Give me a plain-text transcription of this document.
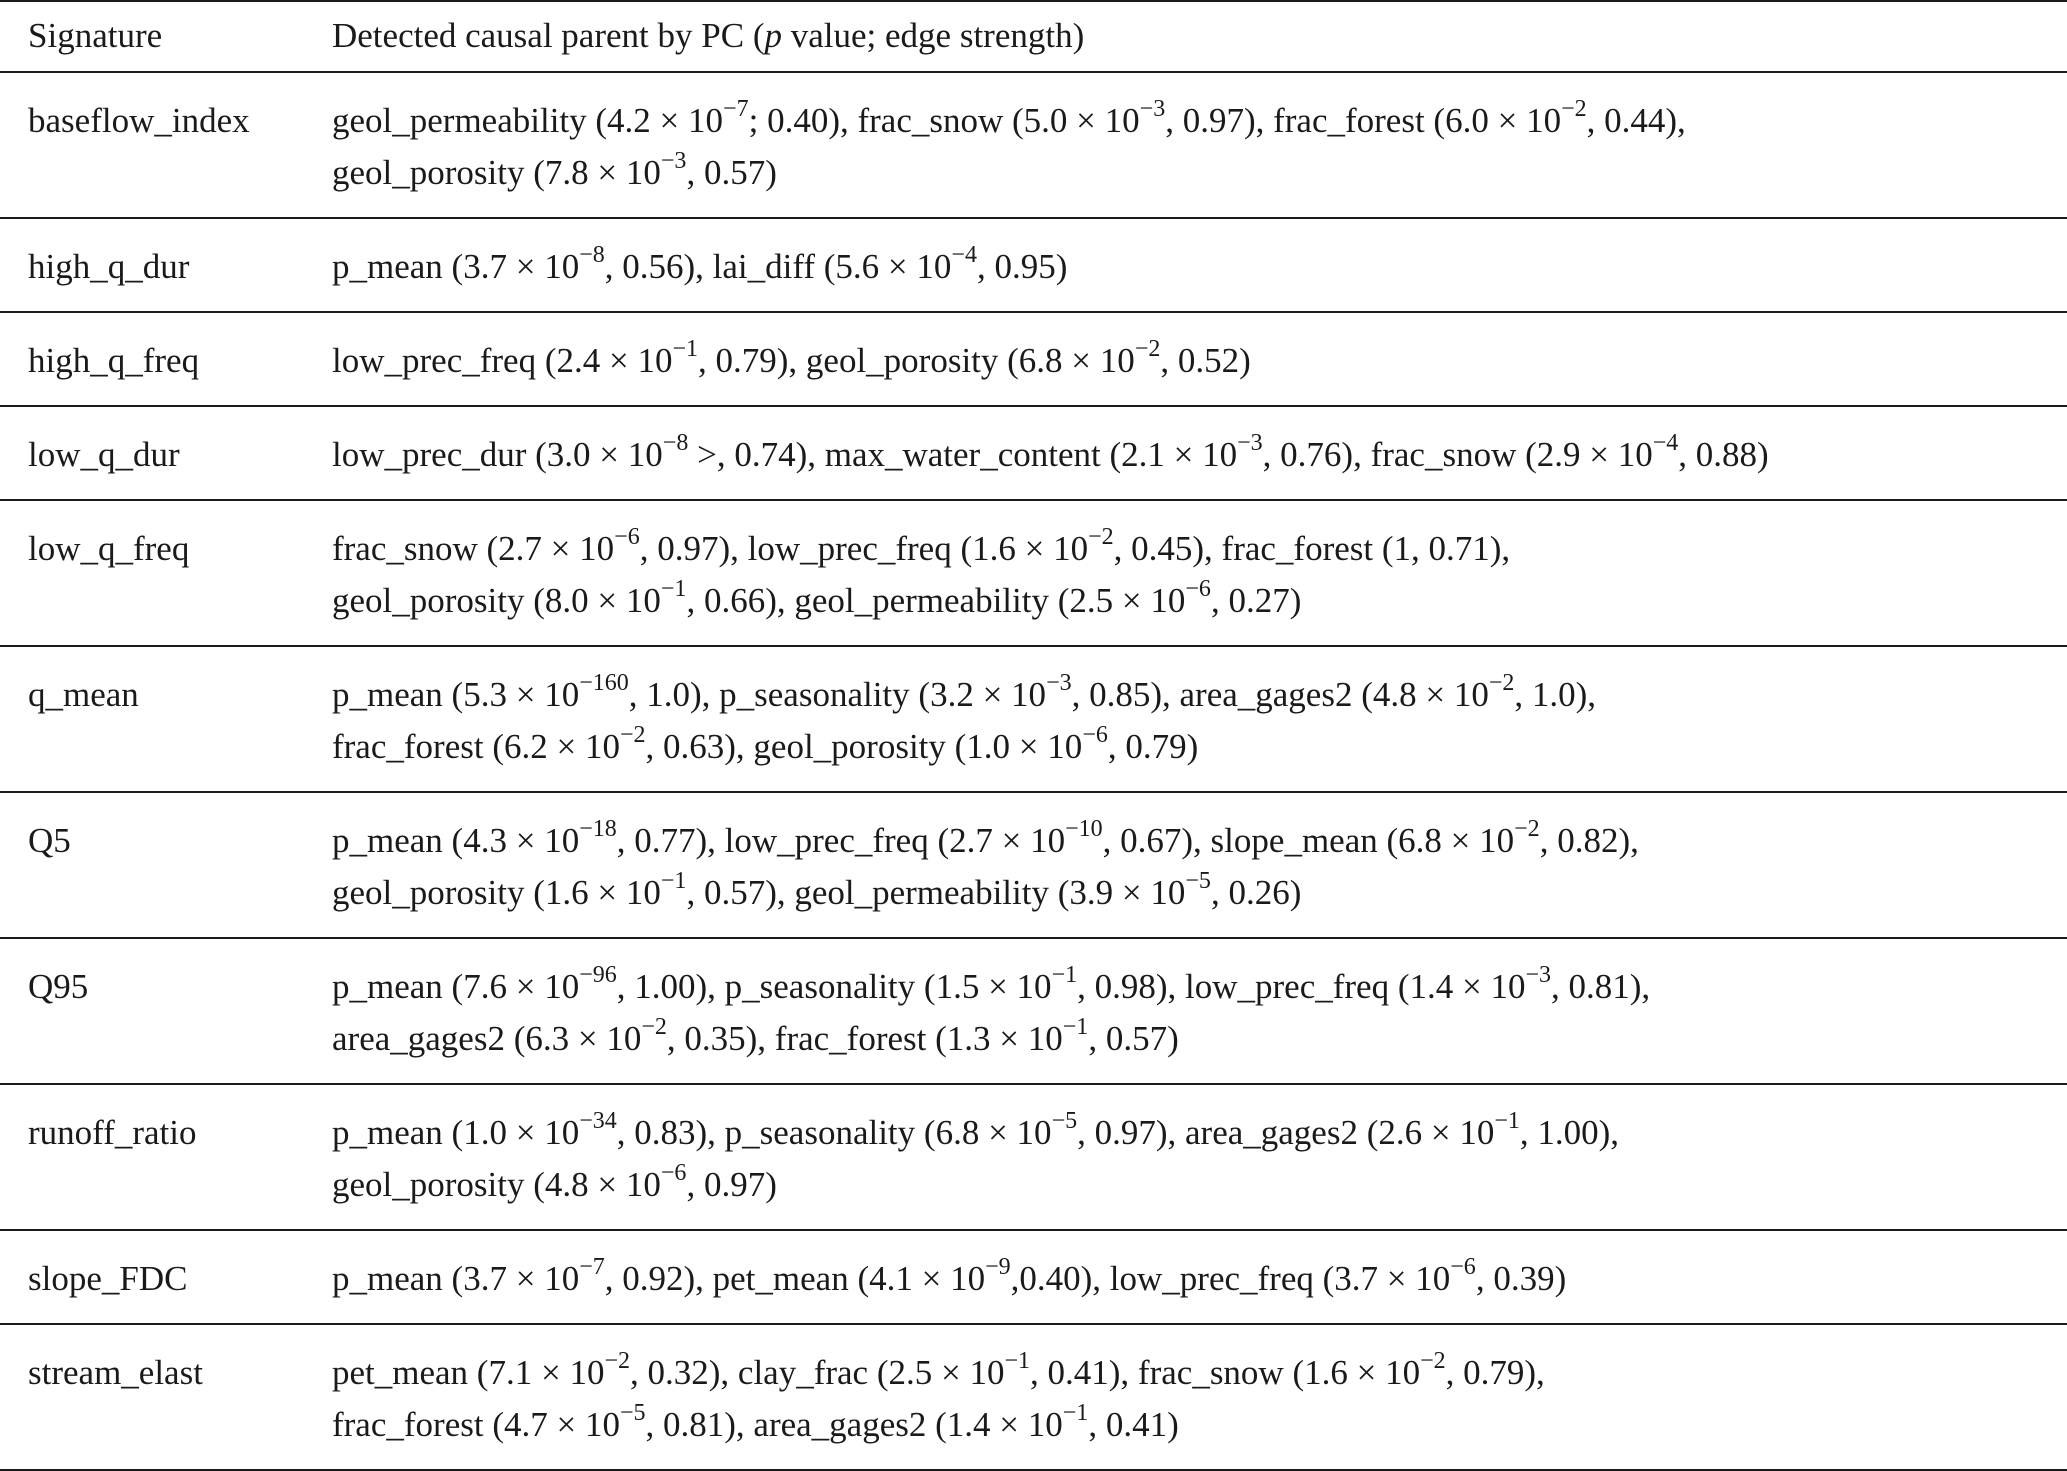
Signature	Detected causal parent by PC (p value; edge strength)
baseflow_index	geol_permeability ($4.2 \times 10^{-7}$; 0.40), frac_snow ($5.0 \times 10^{-3}$, 0.97), frac_forest ($6.0 \times 10^{-2}$, 0.44),
geol_porosity ($7.8 \times 10^{-3}$, 0.57)

high_q_dur	p_mean ($3.7 \times 10^{-8}$, 0.56), lai_diff ($5.6 \times 10^{-4}$, 0.95)

high_q_freq	low_prec_freq ($2.4 \times 10^{-1}$, 0.79), geol_porosity ($6.8 \times 10^{-2}$, 0.52)

low_q_dur	low_prec_dur ($3.0 \times 10^{-8}$ >, 0.74), max_water_content ($2.1 \times 10^{-3}$, 0.76), frac_snow ($2.9 \times 10^{-4}$, 0.88)

low_q_freq	frac_snow ($2.7 \times 10^{-6}$, 0.97), low_prec_freq ($1.6 \times 10^{-2}$, 0.45), frac_forest (1, 0.71),
geol_porosity ($8.0 \times 10^{-1}$, 0.66), geol_permeability ($2.5 \times 10^{-6}$, 0.27)

q_mean	p_mean ($5.3 \times 10^{-160}$, 1.0), p_seasonality ($3.2 \times 10^{-3}$, 0.85), area_gages2 ($4.8 \times 10^{-2}$, 1.0),
frac_forest ($6.2 \times 10^{-2}$, 0.63), geol_porosity ($1.0 \times 10^{-6}$, 0.79)

Q5	p_mean ($4.3 \times 10^{-18}$, 0.77), low_prec_freq ($2.7 \times 10^{-10}$, 0.67), slope_mean ($6.8 \times 10^{-2}$, 0.82),
geol_porosity ($1.6 \times 10^{-1}$, 0.57), geol_permeability ($3.9 \times 10^{-5}$, 0.26)

Q95	p_mean ($7.6 \times 10^{-96}$, 1.00), p_seasonality ($1.5 \times 10^{-1}$, 0.98), low_prec_freq ($1.4 \times 10^{-3}$, 0.81),
area_gages2 ($6.3 \times 10^{-2}$, 0.35), frac_forest ($1.3 \times 10^{-1}$, 0.57)

runoff_ratio	p_mean ($1.0 \times 10^{-34}$, 0.83), p_seasonality ($6.8 \times 10^{-5}$, 0.97), area_gages2 ($2.6 \times 10^{-1}$, 1.00),
geol_porosity ($4.8 \times 10^{-6}$, 0.97)

slope_FDC	p_mean ($3.7 \times 10^{-7}$, 0.92), pet_mean $(4.1 \times 10^{-9},0.40)$, low_prec_freq ($3.7 \times 10^{-6}$, 0.39)

stream_elast	pet_mean ($7.1 \times 10^{-2}$, 0.32), clay_frac ($2.5 \times 10^{-1}$, 0.41), frac_snow ($1.6 \times 10^{-2}$, 0.79),
frac_forest ($4.7 \times 10^{-5}$, 0.81), area_gages2 ($1.4 \times 10^{-1}$, 0.41)
